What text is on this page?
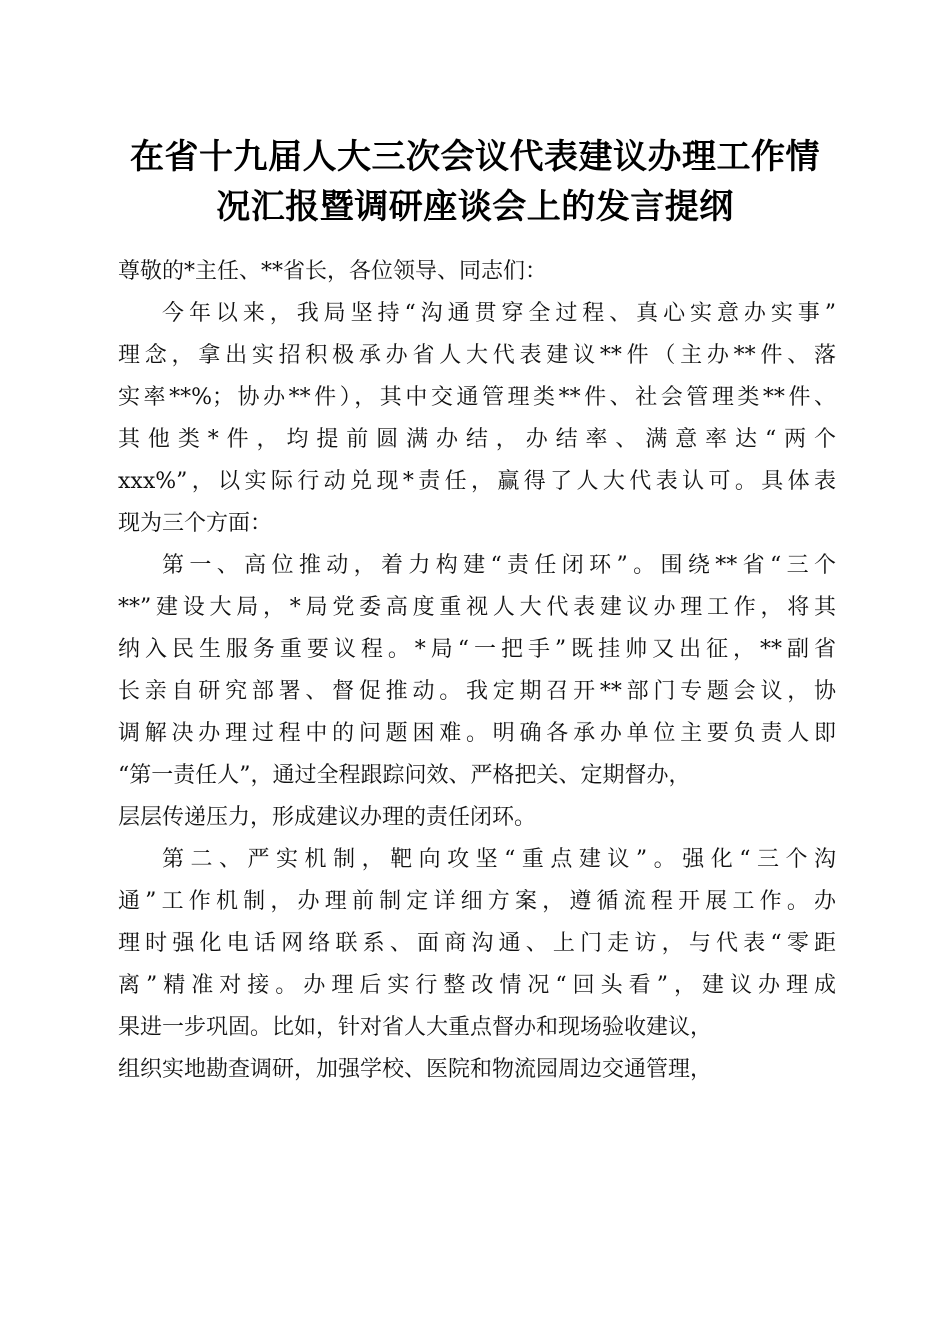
在省十九届人大三次会议代表建议办理工作情
况汇报暨调研座谈会上的发言提纲
尊敬的*主任、**省长，各位领导、同志们：
今年以来，我局坚持“沟通贯穿全过程、真心实意办实事”
理念，拿出实招积极承办省人大代表建议**件（主办**件、落
实率**%；协办**件），其中交通管理类**件、社会管理类**件、
其他类*件，均提前圆满办结，办结率、满意率达“两个
xxx%”，以实际行动兑现*责任，赢得了人大代表认可。具体表
现为三个方面：
第一、高位推动，着力构建“责任闭环”。围绕**省“三个
**”建设大局，*局党委高度重视人大代表建议办理工作，将其
纳入民生服务重要议程。*局“一把手”既挂帅又出征，**副省
长亲自研究部署、督促推动。我定期召开**部门专题会议，协
调解决办理过程中的问题困难。明确各承办单位主要负责人即
“第一责任人”，通过全程跟踪问效、严格把关、定期督办，
层层传递压力，形成建议办理的责任闭环。
第二、严实机制，靶向攻坚“重点建议”。强化“三个沟
通”工作机制，办理前制定详细方案，遵循流程开展工作。办
理时强化电话网络联系、面商沟通、上门走访，与代表“零距
离”精准对接。办理后实行整改情况“回头看”，建议办理成
果进一步巩固。比如，针对省人大重点督办和现场验收建议，
组织实地勘查调研，加强学校、医院和物流园周边交通管理，
